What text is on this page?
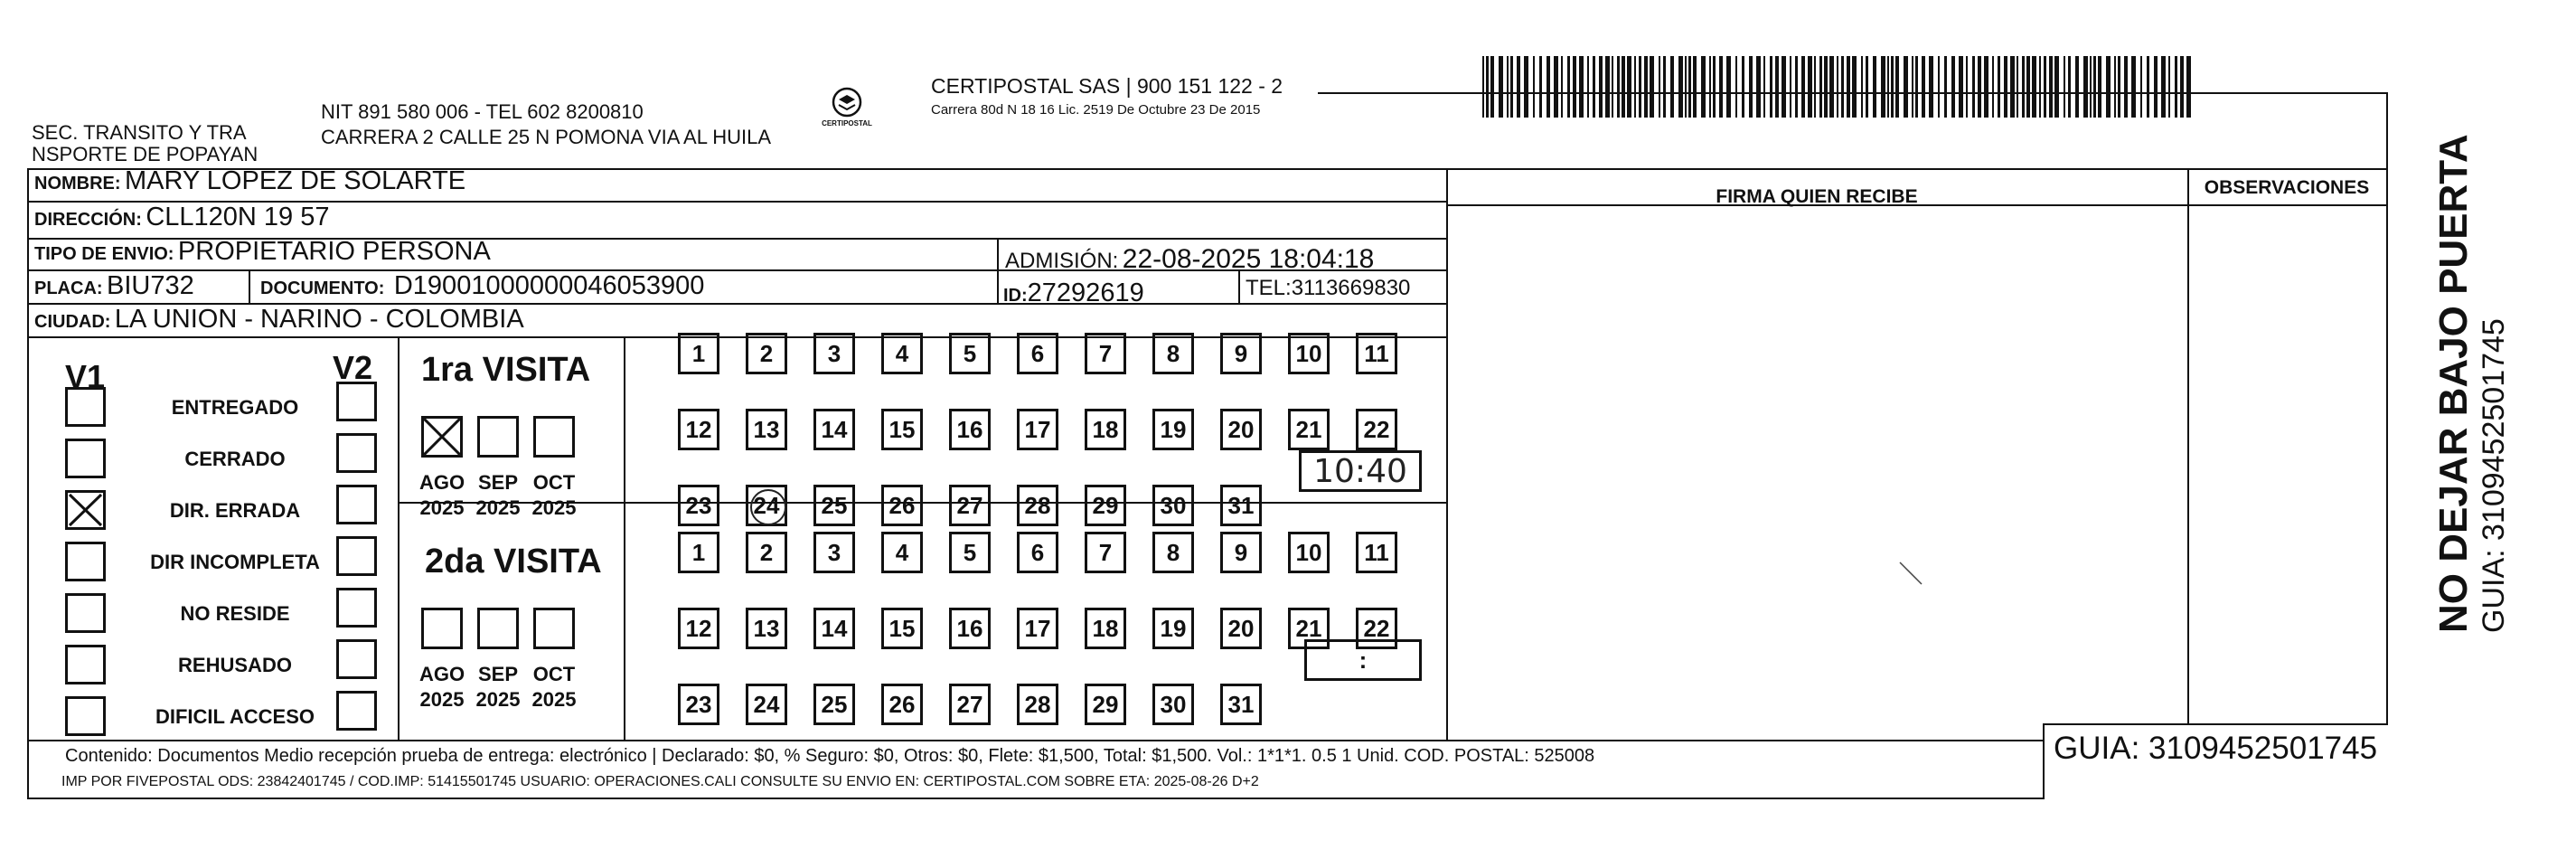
SEC. TRANSITO Y TRA
NSPORTE DE POPAYAN
NIT 891 580 006 - TEL 602 8200810
CARRERA 2 CALLE 25 N POMONA VIA AL HUILA
CERTIPOSTAL
CERTIPOSTAL SAS | 900 151 122 - 2
Carrera 80d N 18 16 Lic. 2519 De Octubre 23 De 2015
NOMBRE: MARY LOPEZ DE SOLARTE
DIRECCIÓN: CLL120N 19 57
TIPO DE ENVIO: PROPIETARIO PERSONA	ADMISIÓN: 22-08-2025 18:04:18
PLACA: BIU732	DOCUMENTO: D19001000000046053900	ID:27292619	TEL:3113669830
CIUDAD: LA UNION - NARINO - COLOMBIA
FIRMA QUIEN RECIBE	OBSERVACIONES
V1	V2
ENTREGADO
CERRADO
DIR. ERRADA
DIR INCOMPLETA
NO RESIDE
REHUSADO
DIFICIL ACCESO
1ra VISITA
AGO
2025
SEP
2025
OCT
2025
1 2 3 4 5 6 7 8 9 10 11
12 13 14 15 16 17 18 19 20 21 22
23 24 25 26 27 28 29 30 31
10:40
2da VISITA
AGO
2025
SEP
2025
OCT
2025
1 2 3 4 5 6 7 8 9 10 11
12 13 14 15 16 17 18 19 20 21 22
23 24 25 26 27 28 29 30 31
:
Contenido: Documentos Medio recepción prueba de entrega: electrónico | Declarado: $0, % Seguro: $0, Otros: $0, Flete: $1,500, Total: $1,500. Vol.: 1*1*1. 0.5 1 Unid. COD. POSTAL: 525008
IMP POR FIVEPOSTAL ODS: 23842401745 / COD.IMP: 51415501745 USUARIO: OPERACIONES.CALI CONSULTE SU ENVIO EN: CERTIPOSTAL.COM SOBRE ETA: 2025-08-26 D+2
GUIA: 3109452501745
NO DEJAR BAJO PUERTA GUIA: 3109452501745
